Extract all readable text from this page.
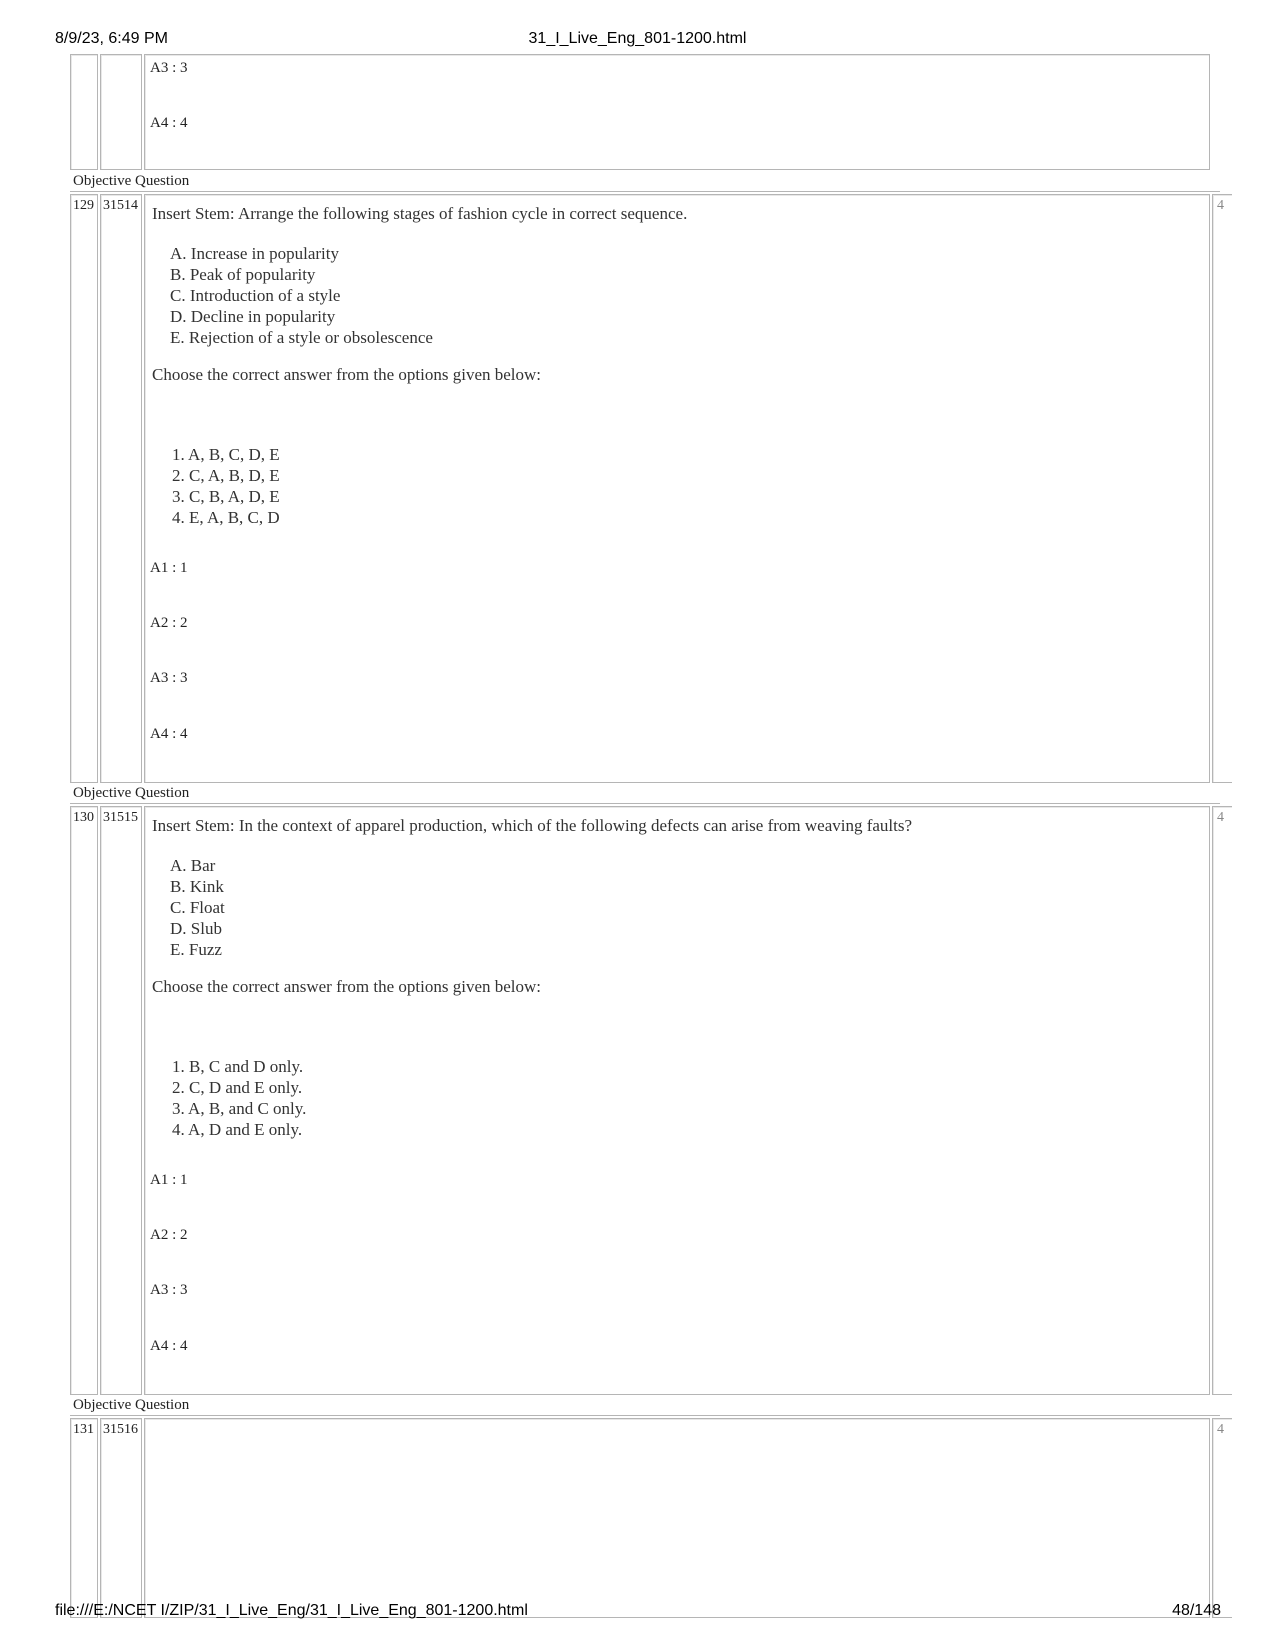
8/9/23, 6:49 PM	31_I_Live_Eng_801-1200.html
A3 : 3
A4 : 4
Objective Question
129 31514	4
Insert Stem: Arrange the following stages of fashion cycle in correct sequence.
A. Increase in popularity
B. Peak of popularity
C. Introduction of a style
D. Decline in popularity
E. Rejection of a style or obsolescence
Choose the correct answer from the options given below:
1. A, B, C, D, E
2. C, A, B, D, E
3. C, B, A, D, E
4. E, A, B, C, D
A1 : 1
A2 : 2
A3 : 3
A4 : 4
Objective Question
130 31515	4
Insert Stem: In the context of apparel production, which of the following defects can arise from weaving faults?
A. Bar
B. Kink
C. Float
D. Slub
E. Fuzz
Choose the correct answer from the options given below:
1. B, C and D only.
2. C, D and E only.
3. A, B, and C only.
4. A, D and E only.
A1 : 1
A2 : 2
A3 : 3
A4 : 4
Objective Question
131 31516	4
file:///E:/NCET I/ZIP/31_I_Live_Eng/31_I_Live_Eng_801-1200.html	48/148
